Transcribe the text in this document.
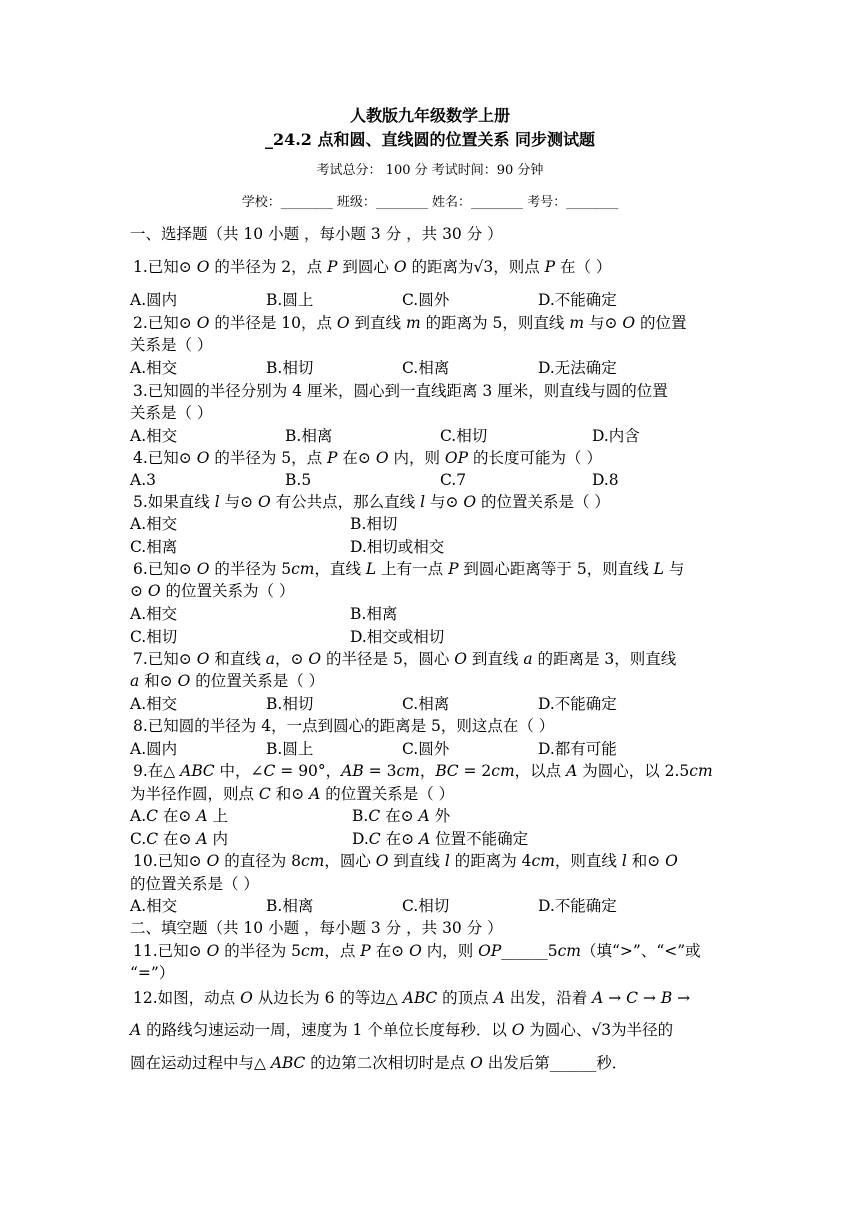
人教版九年级数学上册
_24.2 点和圆、直线圆的位置关系 同步测试题
考试总分： 100 分 考试时间：90 分钟
学校：________ 班级：________ 姓名：________ 考号：________
一、选择题（共 10 小题 ，每小题 3 分 ，共 30 分 ）
1.已知⊙ 𝑂 的半径为 2，点 𝑃 到圆心 𝑂 的距离为√3，则点 𝑃 在（ ）
A.圆内	B.圆上	C.圆外	D.不能确定
2.已知⊙ 𝑂 的半径是 10，点 𝑂 到直线 𝑚 的距离为 5，则直线 𝑚 与⊙ 𝑂 的位置
关系是（ ）
A.相交	B.相切	C.相离	D.无法确定
3.已知圆的半径分别为 4 厘米，圆心到一直线距离 3 厘米，则直线与圆的位置
关系是（ ）
A.相交	B.相离	C.相切	D.内含
4.已知⊙ 𝑂 的半径为 5，点 𝑃 在⊙ 𝑂 内，则 𝑂𝑃 的长度可能为（ ）
A.3	B.5	C.7	D.8
5.如果直线 𝑙 与⊙ 𝑂 有公共点，那么直线 𝑙 与⊙ 𝑂 的位置关系是（ ）
A.相交	B.相切
C.相离	D.相切或相交
6.已知⊙ 𝑂 的半径为 5𝑐𝑚，直线 𝐿 上有一点 𝑃 到圆心距离等于 5，则直线 𝐿 与
⊙ 𝑂 的位置关系为（ ）
A.相交	B.相离
C.相切	D.相交或相切
7.已知⊙ 𝑂 和直线 𝑎，⊙ 𝑂 的半径是 5，圆心 𝑂 到直线 𝑎 的距离是 3，则直线
𝑎 和⊙ 𝑂 的位置关系是（ ）
A.相交	B.相切	C.相离	D.不能确定
8.已知圆的半径为 4，一点到圆心的距离是 5，则这点在（ ）
A.圆内	B.圆上	C.圆外	D.都有可能
9.在△ 𝐴𝐵𝐶 中，∠𝐶 = 90°，𝐴𝐵 = 3𝑐𝑚，𝐵𝐶 = 2𝑐𝑚，以点 𝐴 为圆心，以 2.5𝑐𝑚
为半径作圆，则点 𝐶 和⊙ 𝐴 的位置关系是（ ）
A.𝐶 在⊙ 𝐴 上	B.𝐶 在⊙ 𝐴 外
C.𝐶 在⊙ 𝐴 内	D.𝐶 在⊙ 𝐴 位置不能确定
10.已知⊙ 𝑂 的直径为 8𝑐𝑚，圆心 𝑂 到直线 𝑙 的距离为 4𝑐𝑚，则直线 𝑙 和⊙ 𝑂
的位置关系是（ ）
A.相交	B.相离	C.相切	D.不能确定
二、填空题（共 10 小题 ，每小题 3 分 ，共 30 分 ）
11.已知⊙ 𝑂 的半径为 5𝑐𝑚，点 𝑃 在⊙ 𝑂 内，则 𝑂𝑃______5𝑐𝑚（填“>”、“<”或
“=”）
12.如图，动点 𝑂 从边长为 6 的等边△ 𝐴𝐵𝐶 的顶点 𝐴 出发，沿着 𝐴 → 𝐶 → 𝐵 →
𝐴 的路线匀速运动一周，速度为 1 个单位长度每秒．以 𝑂 为圆心、√3为半径的
圆在运动过程中与△ 𝐴𝐵𝐶 的边第二次相切时是点 𝑂 出发后第______秒．
